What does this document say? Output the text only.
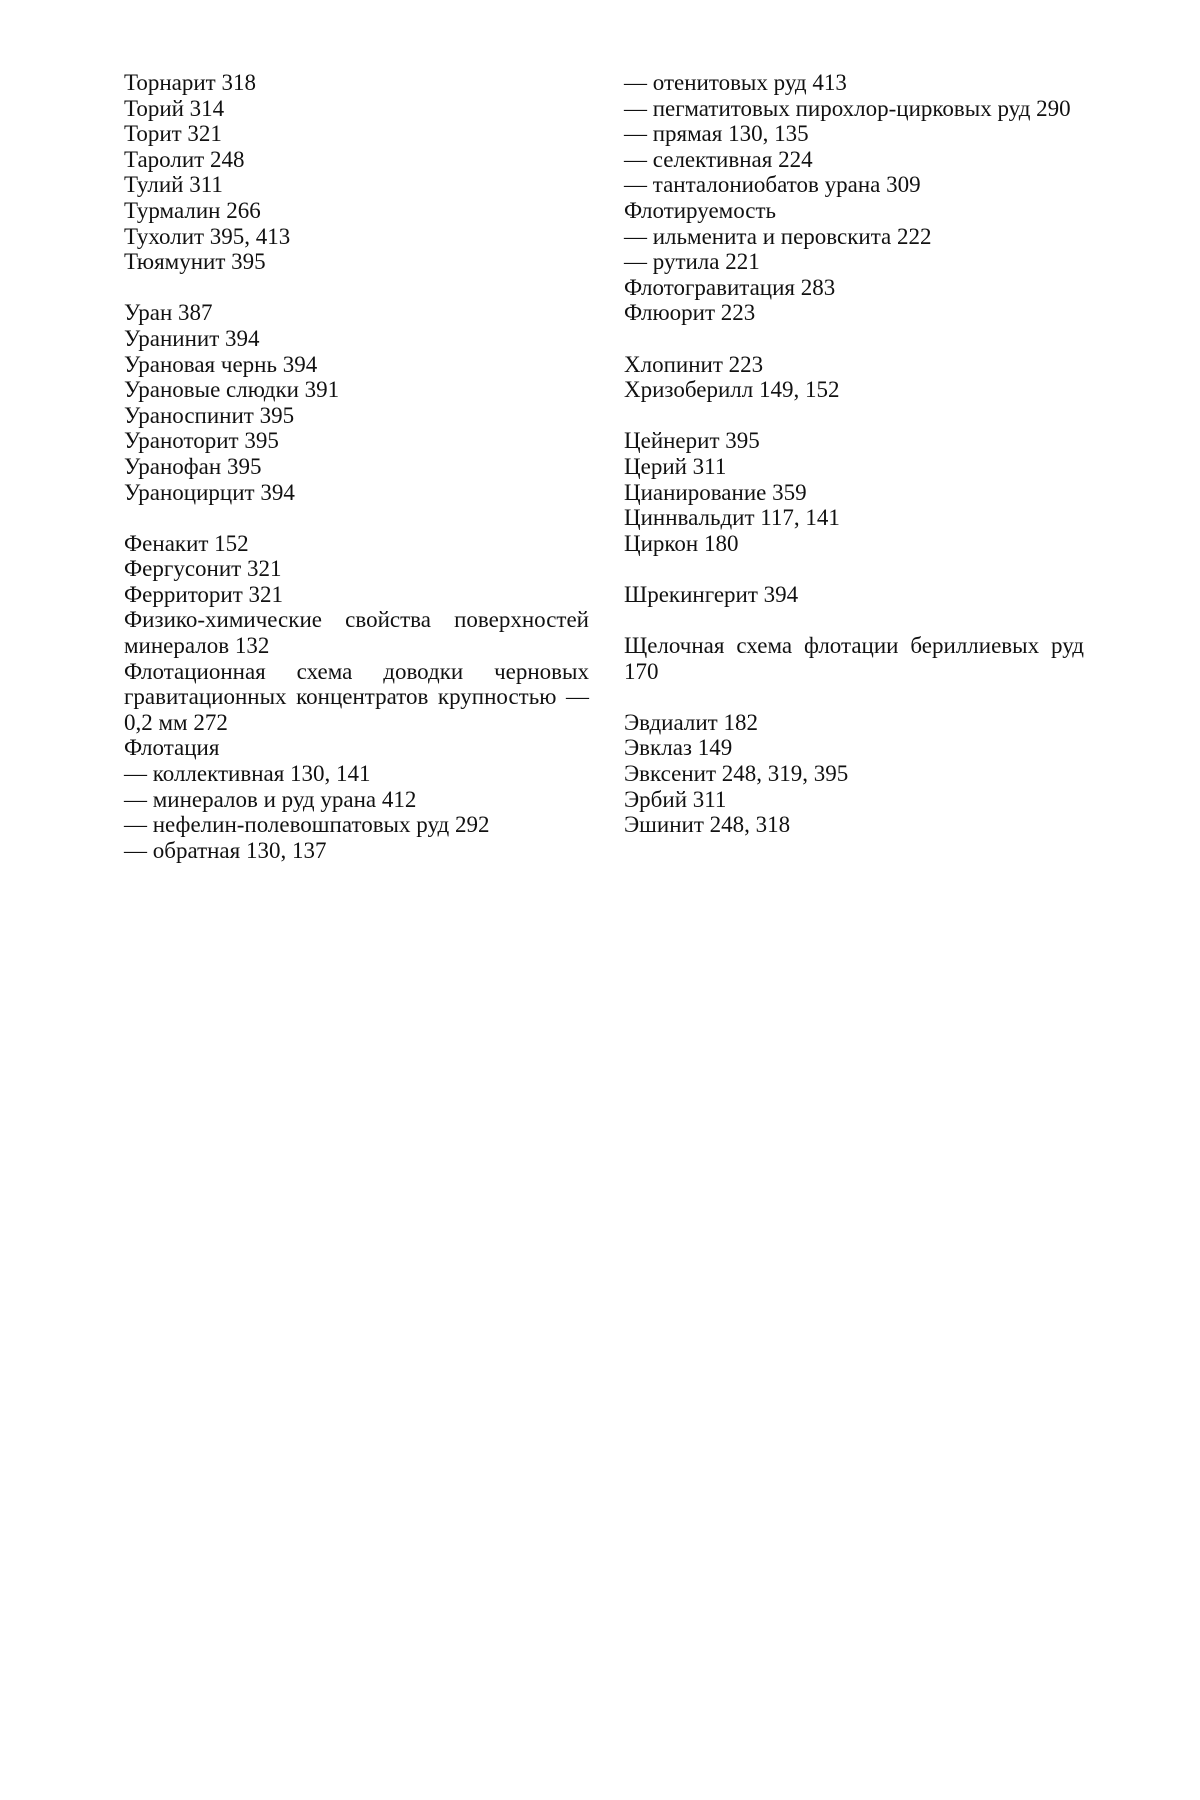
Торнарит 318

Торий 314

Торит 321

Таролит 248

Тулий 311

Турмалин 266

Тухолит 395, 413

Тюямунит 395

Уран 387

Уранинит 394

Урановая чернь 394

Урановые слюдки 391

Ураноспинит 395

Ураноторит 395

Уранофан 395

Ураноцирцит 394

Фенакит 152

Фергусонит 321

Ферриторит 321

Физико-химические свойства поверхностей минералов 132

Флотационная схема доводки черновых гравитационных концентратов крупностью — 0,2 мм 272

Флотация

— коллективная 130, 141

— минералов и руд урана 412

— нефелин-полевошпатовых руд 292

— обратная 130, 137

— отенитовых руд 413

— пегматитовых пирохлор-цирковых руд 290

— прямая 130, 135

— селективная 224

— танталониобатов урана 309

Флотируемость

— ильменита и перовскита 222

— рутила 221

Флотогравитация 283

Флюорит 223

Хлопинит 223

Хризоберилл 149, 152

Цейнерит 395

Церий 311

Цианирование 359

Циннвальдит 117, 141

Циркон 180

Шрекингерит 394

Щелочная схема флотации бериллиевых руд 170

Эвдиалит 182

Эвклаз 149

Эвксенит 248, 319, 395

Эрбий 311

Эшинит 248, 318
